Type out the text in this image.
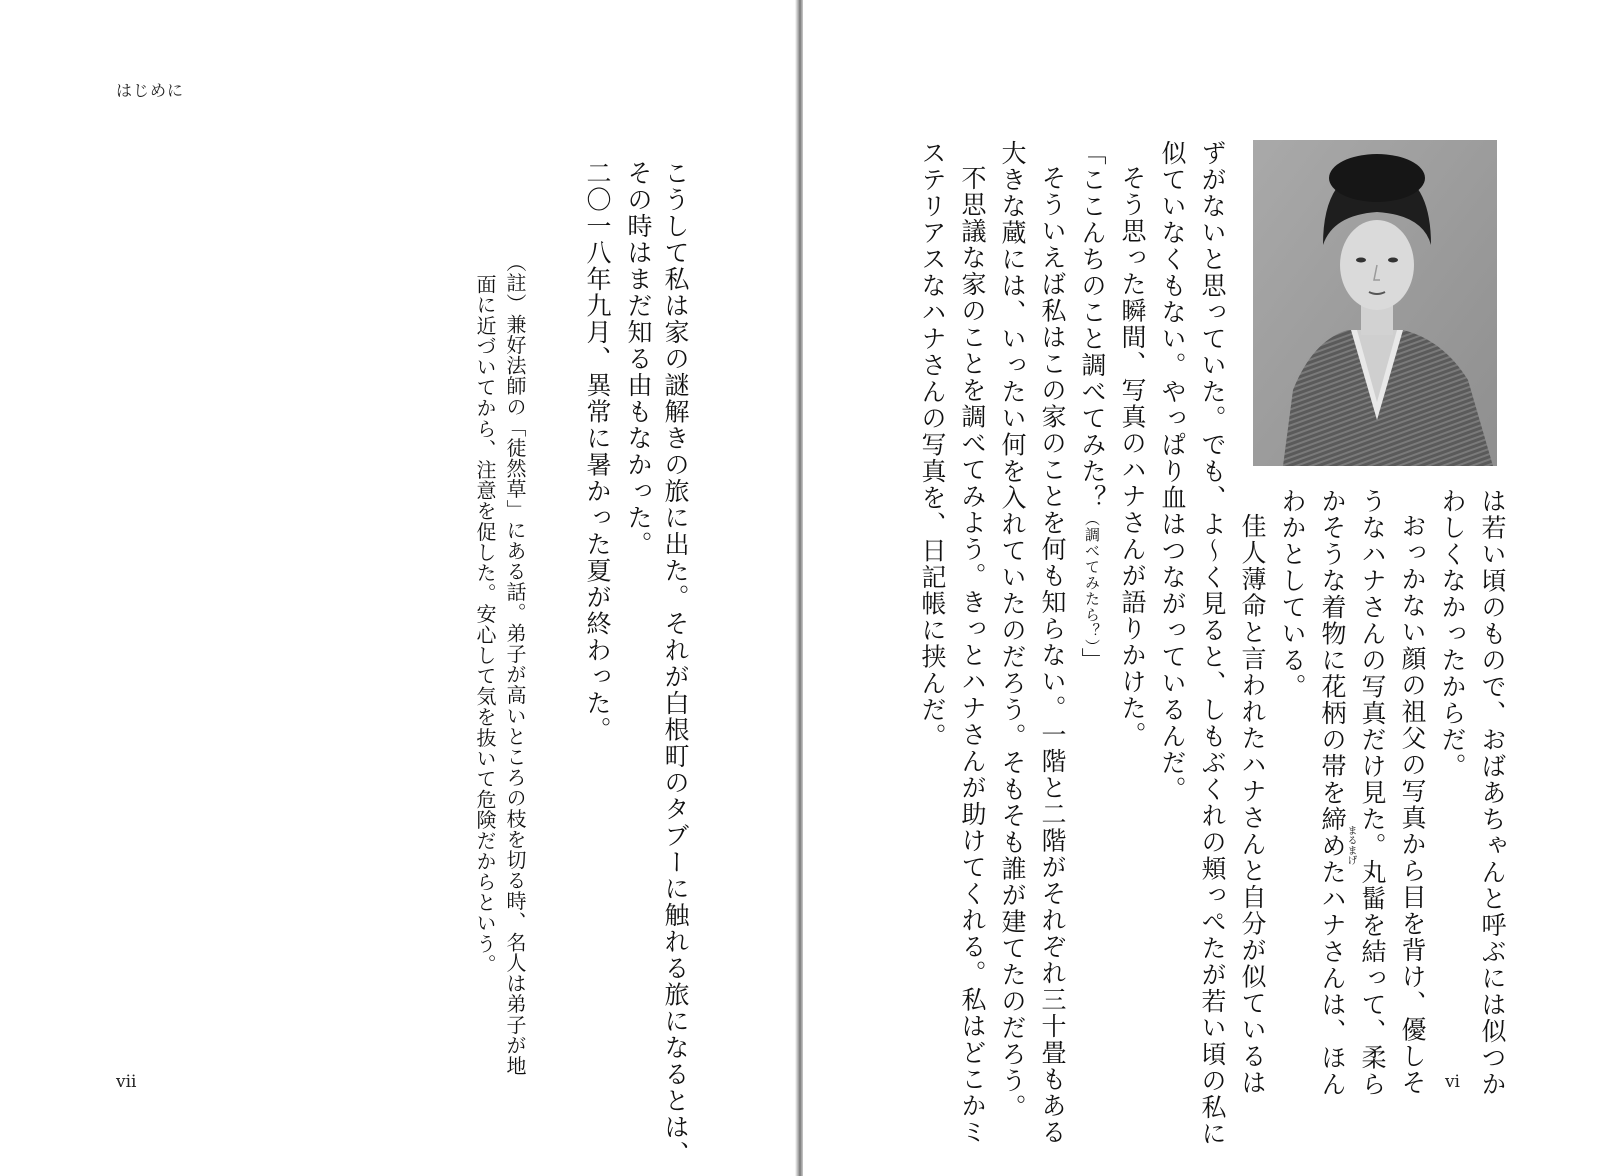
はじめに
こうして私は家の謎解きの旅に出た。それが白根町のタブーに触れる旅になるとは、
その時はまだ知る由もなかった。
二〇一八年九月、異常に暑かった夏が終わった。
（註）兼好法師の「徒然草」にある話。弟子が高いところの枝を切る時、名人は弟子が地
面に近づいてから、注意を促した。安心して気を抜いて危険だからという。
vii	は若い頃のもので、おばあちゃんと呼ぶには似つか
わしくなかったからだ。
おっかない顔の祖父の写真から目を背け、優しそ
うなハナさんの写真だけ見た。丸髷を結って、柔ら
まるまげ
かそうな着物に花柄の帯を締めたハナさんは、ほん
わかとしている。
佳人薄命と言われたハナさんと自分が似ているは
ずがないと思っていた。でも、よ〜く見ると、しもぶくれの頬っぺたが若い頃の私に
似ていなくもない。やっぱり血はつながっているんだ。
そう思った瞬間、写真のハナさんが語りかけた。
「ここんちのこと調べてみた？（調べてみたら？）」
そういえば私はこの家のことを何も知らない。一階と二階がそれぞれ三十畳もある
大きな蔵には、いったい何を入れていたのだろう。そもそも誰が建てたのだろう。
不思議な家のことを調べてみよう。きっとハナさんが助けてくれる。私はどこかミ
ステリアスなハナさんの写真を、日記帳に挟んだ。
vi
